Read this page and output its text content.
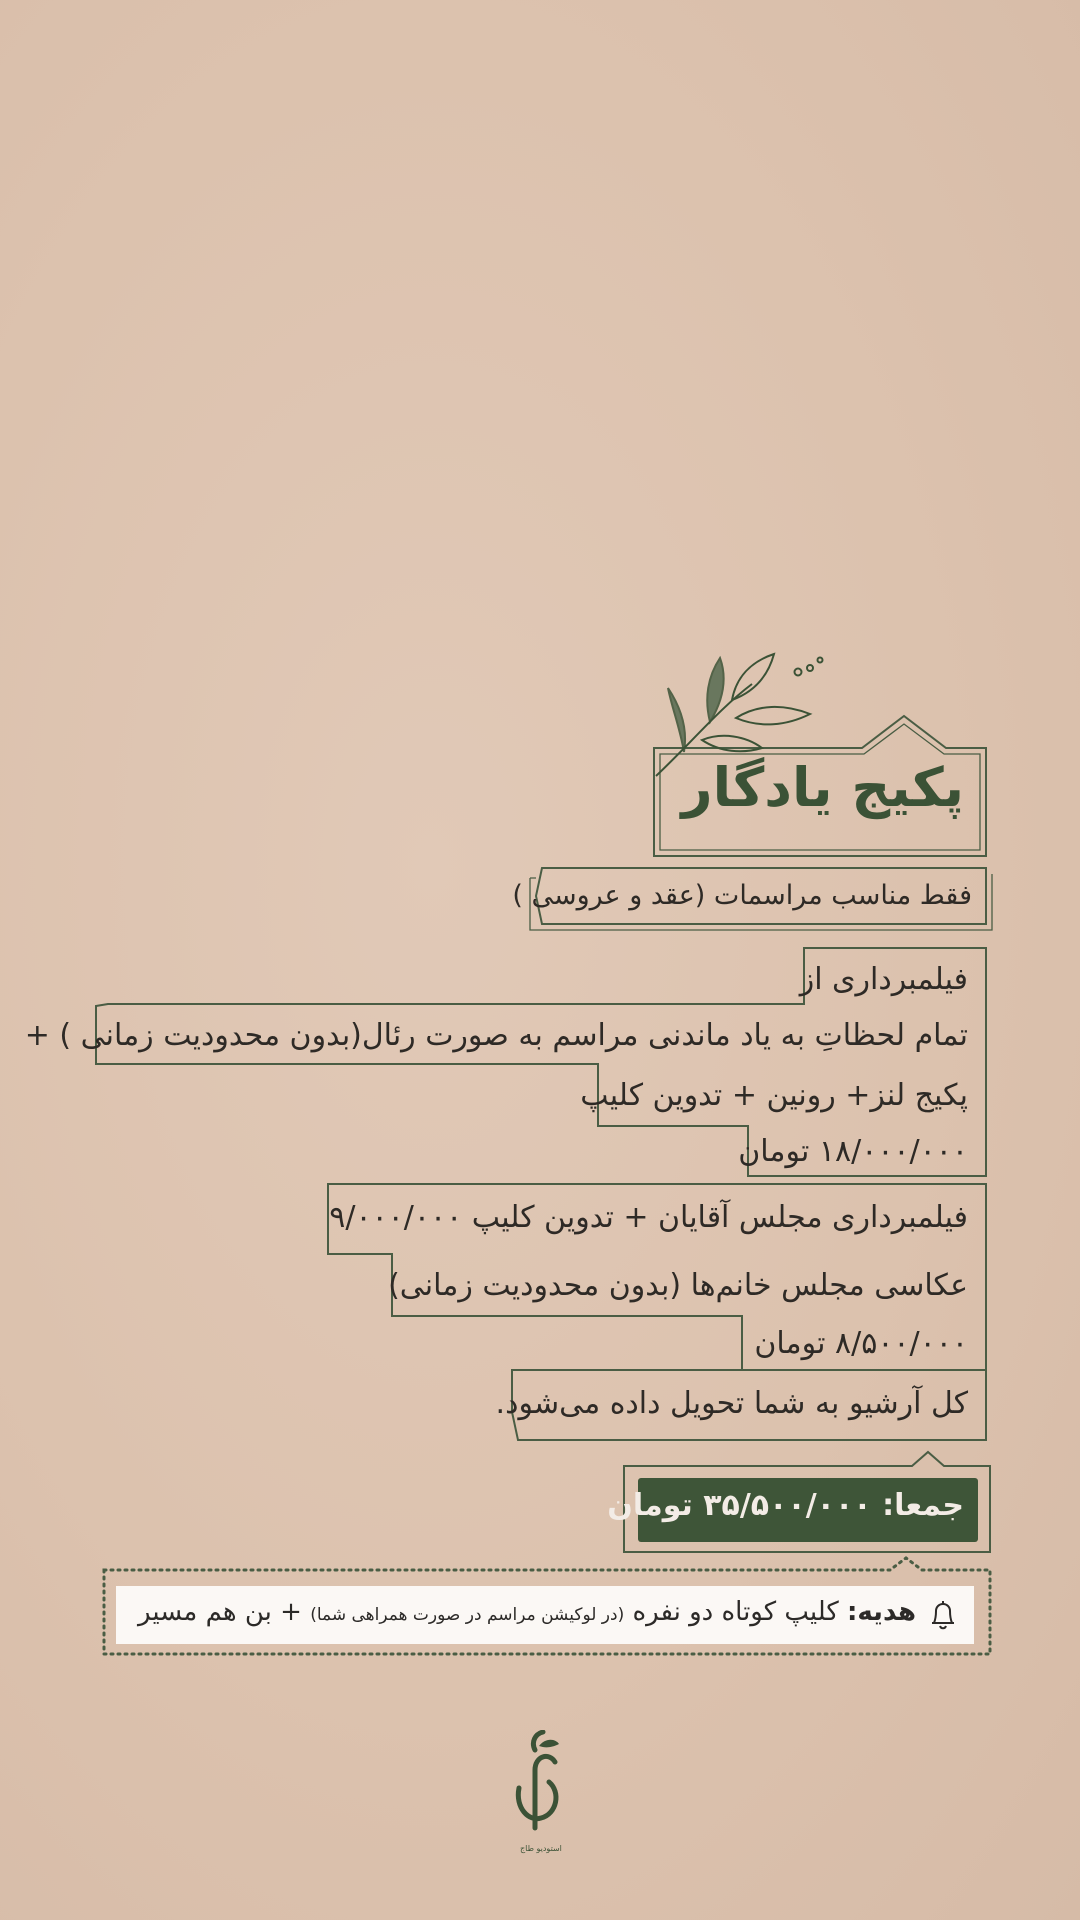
پکیج یادگار
فقط مناسب مراسمات (عقد و عروسی )
فیلمبرداری از
تمام لحظاتِ به یاد ماندنی مراسم به صورت رئال(بدون محدودیت زمانی ) +
پکیج لنز+ رونین + تدوین کلیپ
۱۸/۰۰۰/۰۰۰ تومان
فیلمبرداری مجلس آقایان + تدوین کلیپ ۹/۰۰۰/۰۰۰
عکاسی مجلس خانم‌ها (بدون محدودیت زمانی)
۸/۵۰۰/۰۰۰ تومان
کل آرشیو به شما تحویل داده می‌شود.
جمعا: ۳۵/۵۰۰/۰۰۰ تومان
هدیه: کلیپ کوتاه دو نفره (در لوکیشن مراسم در صورت همراهی شما) + بن هم مسیر
استودیو طاج
